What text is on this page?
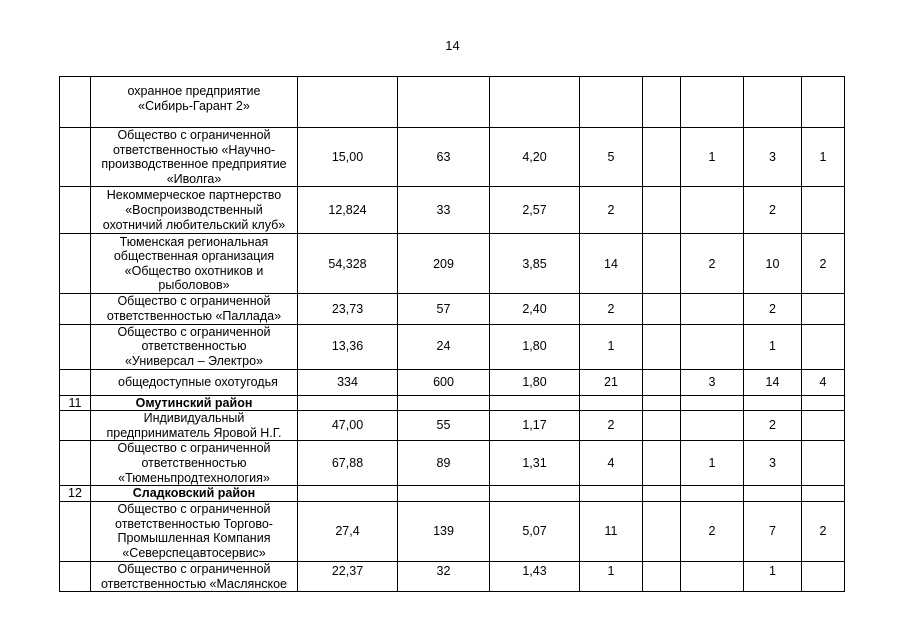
14
	охранное предприятие
«Сибирь-Гарант 2»								
	Общество с ограниченной
ответственностью «Научно-
производственное предприятие
«Иволга»	15,00	63	4,20	5		1	3	1
	Некоммерческое партнерство
«Воспроизводственный
охотничий любительский клуб»	12,824	33	2,57	2			2	
	Тюменская региональная
общественная организация
«Общество охотников и
рыболовов»	54,328	209	3,85	14		2	10	2
	Общество с ограниченной
ответственностью «Паллада»	23,73	57	2,40	2			2	
	Общество с ограниченной
ответственностью
«Универсал – Электро»	13,36	24	1,80	1			1	
	общедоступные охотугодья	334	600	1,80	21		3	14	4
11	Омутинский район								
	Индивидуальный
предприниматель Яровой Н.Г.	47,00	55	1,17	2			2	
	Общество с ограниченной
ответственностью
«Тюменьпродтехнология»	67,88	89	1,31	4		1	3	
12	Сладковский район								
	Общество с ограниченной
ответственностью Торгово-
Промышленная Компания
«Северспецавтосервис»	27,4	139	5,07	11		2	7	2
	Общество с ограниченной
ответственностью «Маслянское	22,37	32	1,43	1			1	
